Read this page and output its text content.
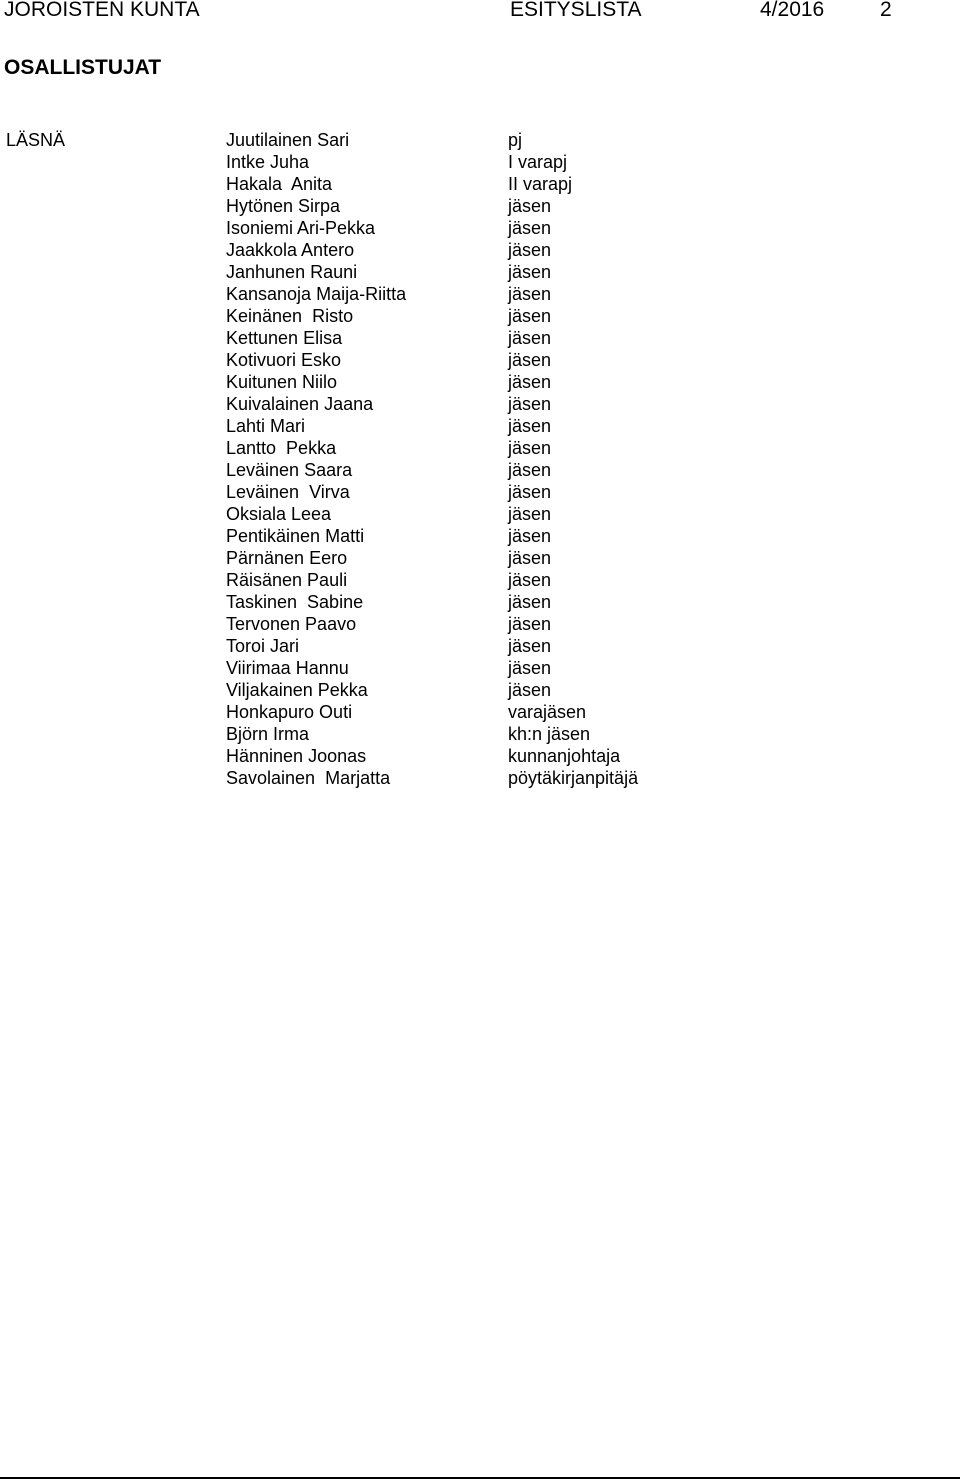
JOROISTEN KUNTA	ESITYSLISTA	4/2016	2
OSALLISTUJAT
LÄSNÄ	Juutilainen Sari	pj
Intke Juha	I varapj
Hakala  Anita	II varapj
Hytönen Sirpa	jäsen
Isoniemi Ari-Pekka	jäsen
Jaakkola Antero	jäsen
Janhunen Rauni	jäsen
Kansanoja Maija-Riitta	jäsen
Keinänen  Risto	jäsen
Kettunen Elisa	jäsen
Kotivuori Esko	jäsen
Kuitunen Niilo	jäsen
Kuivalainen Jaana	jäsen
Lahti Mari	jäsen
Lantto  Pekka	jäsen
Leväinen Saara	jäsen
Leväinen  Virva	jäsen
Oksiala Leea	jäsen
Pentikäinen Matti	jäsen
Pärnänen Eero	jäsen
Räisänen Pauli	jäsen
Taskinen  Sabine	jäsen
Tervonen Paavo	jäsen
Toroi Jari	jäsen
Viirimaa Hannu	jäsen
Viljakainen Pekka	jäsen
Honkapuro Outi	varajäsen
Björn Irma	kh:n jäsen
Hänninen Joonas	kunnanjohtaja
Savolainen  Marjatta	pöytäkirjanpitäjä
